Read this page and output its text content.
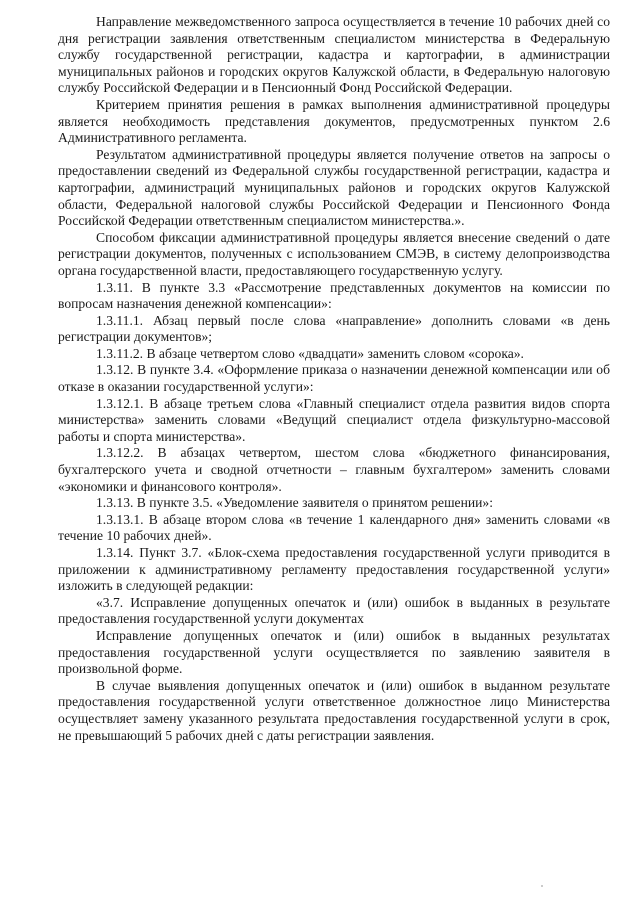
Направление межведомственного запроса осуществляется в течение 10 рабочих дней со дня регистрации заявления ответственным специалистом министерства в Федеральную службу государственной регистрации, кадастра и картографии, в администрации муниципальных районов и городских округов Калужской области, в Федеральную налоговую службу Российской Федерации и в Пенсионный Фонд Российской Федерации.

Критерием принятия решения в рамках выполнения административной процедуры является необходимость представления документов, предусмотренных пунктом 2.6 Административного регламента.

Результатом административной процедуры является получение ответов на запросы о предоставлении сведений из Федеральной службы государственной регистрации, кадастра и картографии, администраций муниципальных районов и городских округов Калужской области, Федеральной налоговой службы Российской Федерации и Пенсионного Фонда Российской Федерации ответственным специалистом министерства.».

Способом фиксации административной процедуры является внесение сведений о дате регистрации документов, полученных с использованием СМЭВ, в систему делопроизводства органа государственной власти, предоставляющего государственную услугу.

1.3.11. В пункте 3.3 «Рассмотрение представленных документов на комиссии по вопросам назначения денежной компенсации»:

1.3.11.1. Абзац первый после слова «направление» дополнить словами «в день регистрации документов»;

1.3.11.2. В абзаце четвертом слово «двадцати» заменить словом «сорока».

1.3.12. В пункте 3.4. «Оформление приказа о назначении денежной компенсации или об отказе в оказании государственной услуги»:

1.3.12.1. В абзаце третьем слова «Главный специалист отдела развития видов спорта министерства» заменить словами «Ведущий специалист отдела физкультурно-массовой работы и спорта министерства».

1.3.12.2. В абзацах четвертом, шестом слова «бюджетного финансирования, бухгалтерского учета и сводной отчетности – главным бухгалтером» заменить словами «экономики и финансового контроля».

1.3.13. В пункте 3.5. «Уведомление заявителя о принятом решении»:

1.3.13.1. В абзаце втором слова «в течение 1 календарного дня» заменить словами «в течение 10 рабочих дней».

1.3.14. Пункт 3.7. «Блок-схема предоставления государственной услуги приводится в приложении к административному регламенту предоставления государственной услуги» изложить в следующей редакции:

«3.7. Исправление допущенных опечаток и (или) ошибок в выданных в результате предоставления государственной услуги документах

Исправление допущенных опечаток и (или) ошибок в выданных результатах предоставления государственной услуги осуществляется по заявлению заявителя в произвольной форме.

В случае выявления допущенных опечаток и (или) ошибок в выданном результате предоставления государственной услуги ответственное должностное лицо Министерства осуществляет замену указанного результата предоставления государственной услуги в срок, не превышающий 5 рабочих дней с даты регистрации заявления.
